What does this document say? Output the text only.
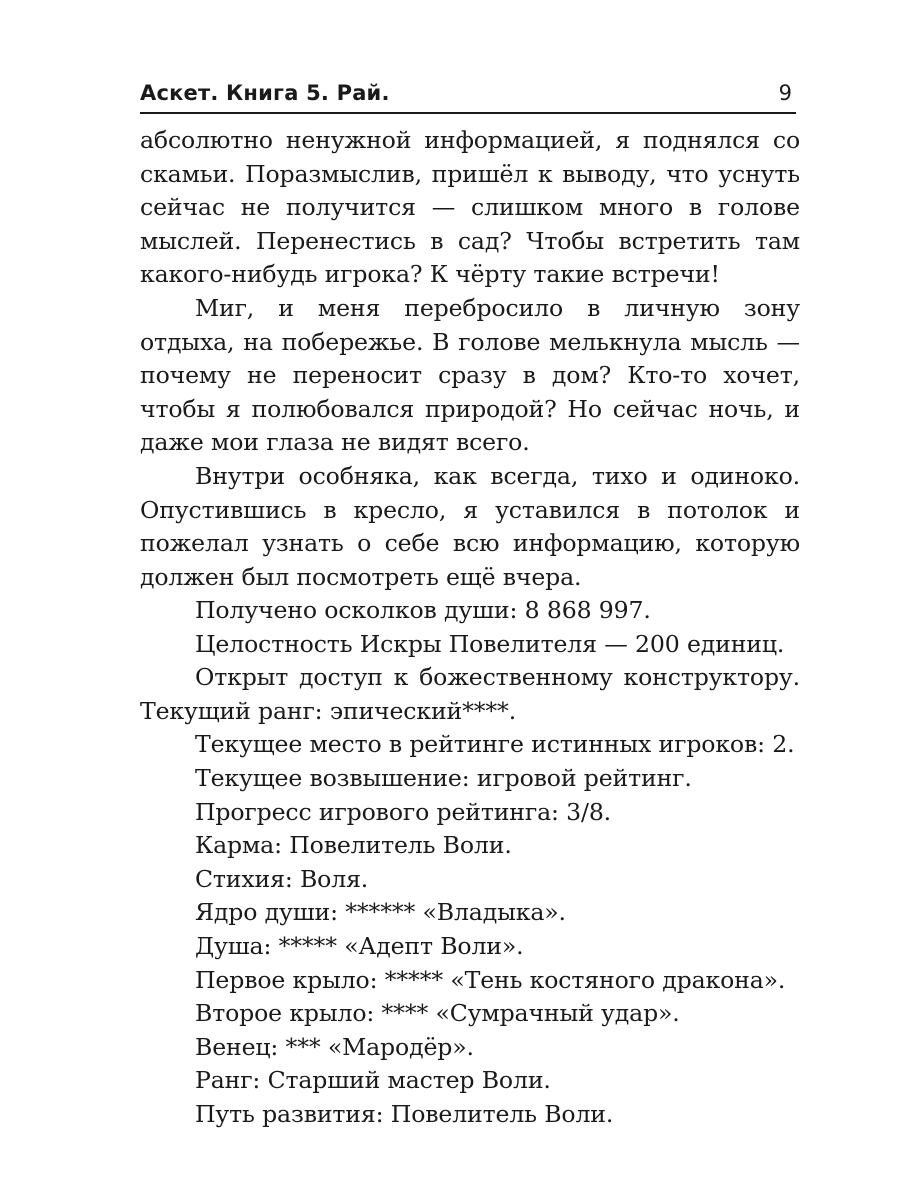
Аскет. Книга 5. Рай.	9

абсолютно ненужной информацией, я поднялся со скамьи. Поразмыслив, пришёл к выводу, что уснуть сейчас не получится — слишком много в голове мыслей. Перенестись в сад? Чтобы встретить там какого-нибудь игрока? К чёрту такие встречи!

Миг, и меня перебросило в личную зону отдыха, на побережье. В голове мелькнула мысль — почему не переносит сразу в дом? Кто-то хочет, чтобы я полюбовался природой? Но сейчас ночь, и даже мои глаза не видят всего.

Внутри особняка, как всегда, тихо и одиноко. Опустившись в кресло, я уставился в потолок и пожелал узнать о себе всю информацию, которую должен был посмотреть ещё вчера.

Получено осколков души: 8 868 997.

Целостность Искры Повелителя — 200 единиц.

Открыт доступ к божественному конструктору. Текущий ранг: эпический****.

Текущее место в рейтинге истинных игроков: 2.

Текущее возвышение: игровой рейтинг.

Прогресс игрового рейтинга: 3/8.

Карма: Повелитель Воли.

Стихия: Воля.

Ядро души: ****** «Владыка».

Душа: ***** «Адепт Воли».

Первое крыло: ***** «Тень костяного дракона».

Второе крыло: **** «Сумрачный удар».

Венец: *** «Мародёр».

Ранг: Старший мастер Воли.

Путь развития: Повелитель Воли.
